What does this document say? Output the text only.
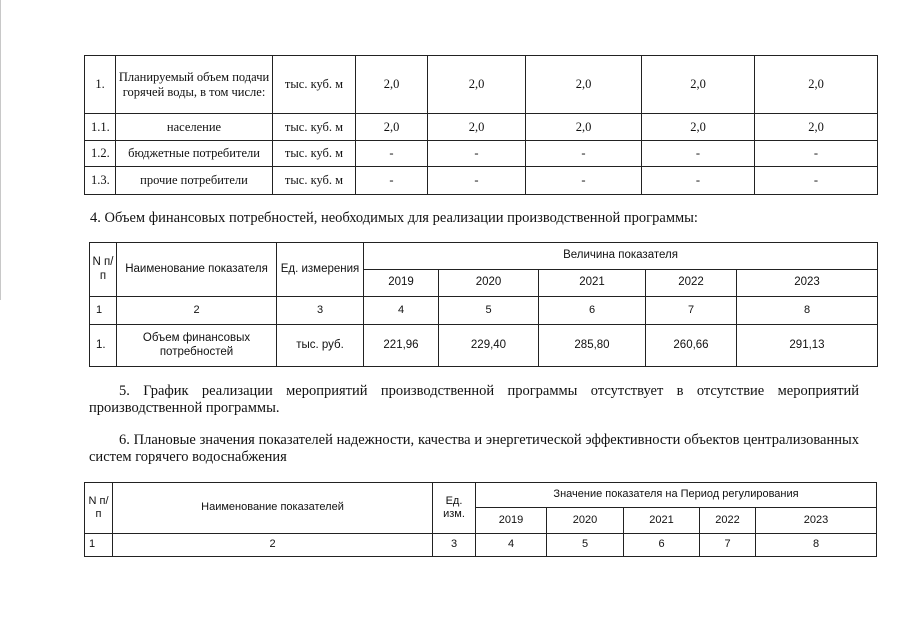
1.	Планируемый объем подачи горячей воды, в том числе:	тыс. куб. м	2,0	2,0	2,0	2,0	2,0
1.1.	население	тыс. куб. м	2,0	2,0	2,0	2,0	2,0
1.2.	бюджетные потребители	тыс. куб. м	-	-	-	-	-
1.3.	прочие потребители	тыс. куб. м	-	-	-	-	-
4. Объем финансовых потребностей, необходимых для реализации производственной программы:
N п/п	Наименование показателя	Ед. измерения	Величина показателя				
			2019	2020	2021	2022	2023
1	2	3	4	5	6	7	8
1.	Объем финансовых потребностей	тыс. руб.	221,96	229,40	285,80	260,66	291,13
5. График реализации мероприятий производственной программы отсутствует в отсутствие мероприятий производственной программы.
6. Плановые значения показателей надежности, качества и энергетической эффективности объектов централизованных систем горячего водоснабжения
N п/п	Наименование показателей	Ед. изм.	Значение показателя на Период регулирования				
			2019	2020	2021	2022	2023
1	2	3	4	5	6	7	8
